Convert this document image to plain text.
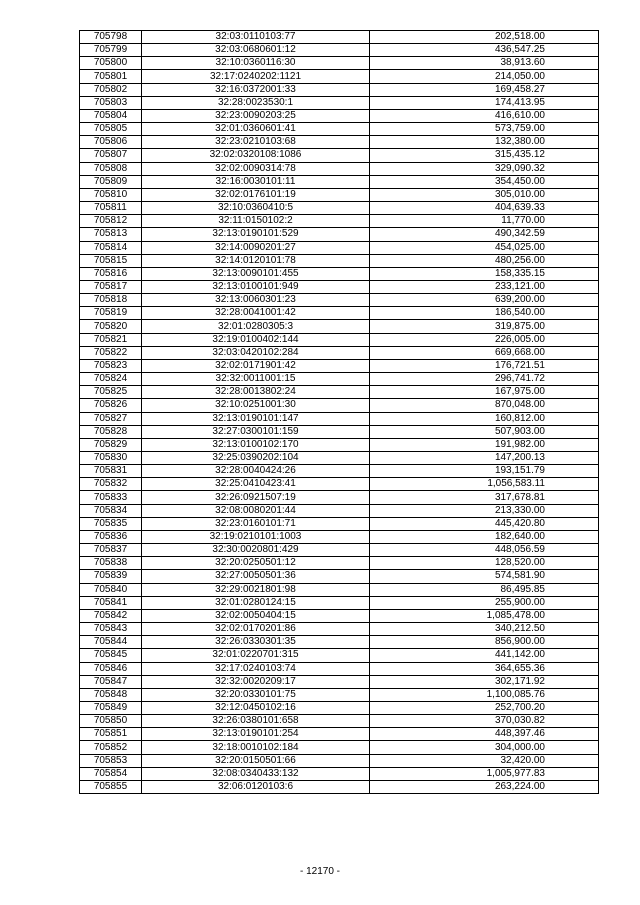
705798	32:03:0110103:77	202,518.00
705799	32:03:0680601:12	436,547.25
705800	32:10:0360116:30	38,913.60
705801	32:17:0240202:1121	214,050.00
705802	32:16:0372001:33	169,458.27
705803	32:28:0023530:1	174,413.95
705804	32:23:0090203:25	416,610.00
705805	32:01:0360601:41	573,759.00
705806	32:23:0210103:68	132,380.00
705807	32:02:0320108:1086	315,435.12
705808	32:02:0090314:78	329,090.32
705809	32:16:0030101:11	354,450.00
705810	32:02:0176101:19	305,010.00
705811	32:10:0360410:5	404,639.33
705812	32:11:0150102:2	11,770.00
705813	32:13:0190101:529	490,342.59
705814	32:14:0090201:27	454,025.00
705815	32:14:0120101:78	480,256.00
705816	32:13:0090101:455	158,335.15
705817	32:13:0100101:949	233,121.00
705818	32:13:0060301:23	639,200.00
705819	32:28:0041001:42	186,540.00
705820	32:01:0280305:3	319,875.00
705821	32:19:0100402:144	226,005.00
705822	32:03:0420102:284	669,668.00
705823	32:02:0171901:42	176,721.51
705824	32:32:0011001:15	296,741.72
705825	32:28:0013802:24	167,975.00
705826	32:10:0251001:30	870,048.00
705827	32:13:0190101:147	160,812.00
705828	32:27:0300101:159	507,903.00
705829	32:13:0100102:170	191,982.00
705830	32:25:0390202:104	147,200.13
705831	32:28:0040424:26	193,151.79
705832	32:25:0410423:41	1,056,583.11
705833	32:26:0921507:19	317,678.81
705834	32:08:0080201:44	213,330.00
705835	32:23:0160101:71	445,420.80
705836	32:19:0210101:1003	182,640.00
705837	32:30:0020801:429	448,056.59
705838	32:20:0250501:12	128,520.00
705839	32:27:0050501:36	574,581.90
705840	32:29:0021801:98	86,495.85
705841	32:01:0280124:15	255,900.00
705842	32:02:0050404:15	1,085,478.00
705843	32:02:0170201:86	340,212.50
705844	32:26:0330301:35	856,900.00
705845	32:01:0220701:315	441,142.00
705846	32:17:0240103:74	364,655.36
705847	32:32:0020209:17	302,171.92
705848	32:20:0330101:75	1,100,085.76
705849	32:12:0450102:16	252,700.20
705850	32:26:0380101:658	370,030.82
705851	32:13:0190101:254	448,397.46
705852	32:18:0010102:184	304,000.00
705853	32:20:0150501:66	32,420.00
705854	32:08:0340433:132	1,005,977.83
705855	32:06:0120103:6	263,224.00
- 12170 -
